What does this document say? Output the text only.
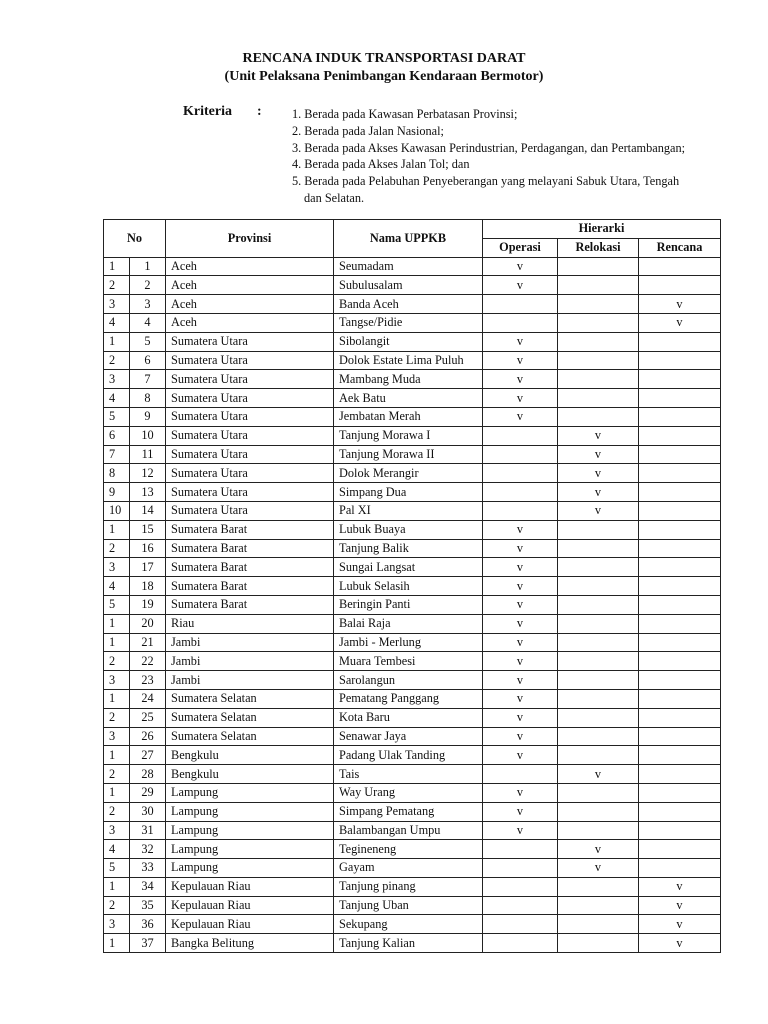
RENCANA INDUK TRANSPORTASI DARAT
(Unit Pelaksana Penimbangan Kendaraan Bermotor)
Kriteria : 1. Berada pada Kawasan Perbatasan Provinsi;
2. Berada pada Jalan Nasional;
3. Berada pada Akses Kawasan Perindustrian, Perdagangan, dan Pertambangan;
4. Berada pada Akses Jalan Tol; dan
5. Berada pada Pelabuhan Penyeberangan yang melayani Sabuk Utara, Tengah
dan Selatan.
No		Provinsi	Nama UPPKB	Hierarki		
				Operasi	Relokasi	Rencana
1	1	Aceh	Seumadam	v		
2	2	Aceh	Subulusalam	v		
3	3	Aceh	Banda Aceh			v
4	4	Aceh	Tangse/Pidie			v
1	5	Sumatera Utara	Sibolangit	v		
2	6	Sumatera Utara	Dolok Estate Lima Puluh	v		
3	7	Sumatera Utara	Mambang Muda	v		
4	8	Sumatera Utara	Aek Batu	v		
5	9	Sumatera Utara	Jembatan Merah	v		
6	10	Sumatera Utara	Tanjung Morawa I		v	
7	11	Sumatera Utara	Tanjung Morawa II		v	
8	12	Sumatera Utara	Dolok Merangir		v	
9	13	Sumatera Utara	Simpang Dua		v	
10	14	Sumatera Utara	Pal XI		v	
1	15	Sumatera Barat	Lubuk Buaya	v		
2	16	Sumatera Barat	Tanjung Balik	v		
3	17	Sumatera Barat	Sungai Langsat	v		
4	18	Sumatera Barat	Lubuk Selasih	v		
5	19	Sumatera Barat	Beringin Panti	v		
1	20	Riau	Balai Raja	v		
1	21	Jambi	Jambi - Merlung	v		
2	22	Jambi	Muara Tembesi	v		
3	23	Jambi	Sarolangun	v		
1	24	Sumatera Selatan	Pematang Panggang	v		
2	25	Sumatera Selatan	Kota Baru	v		
3	26	Sumatera Selatan	Senawar Jaya	v		
1	27	Bengkulu	Padang Ulak Tanding	v		
2	28	Bengkulu	Tais		v	
1	29	Lampung	Way Urang	v		
2	30	Lampung	Simpang Pematang	v		
3	31	Lampung	Balambangan Umpu	v		
4	32	Lampung	Tegineneng		v	
5	33	Lampung	Gayam		v	
1	34	Kepulauan Riau	Tanjung pinang			v
2	35	Kepulauan Riau	Tanjung Uban			v
3	36	Kepulauan Riau	Sekupang			v
1	37	Bangka Belitung	Tanjung Kalian			v
